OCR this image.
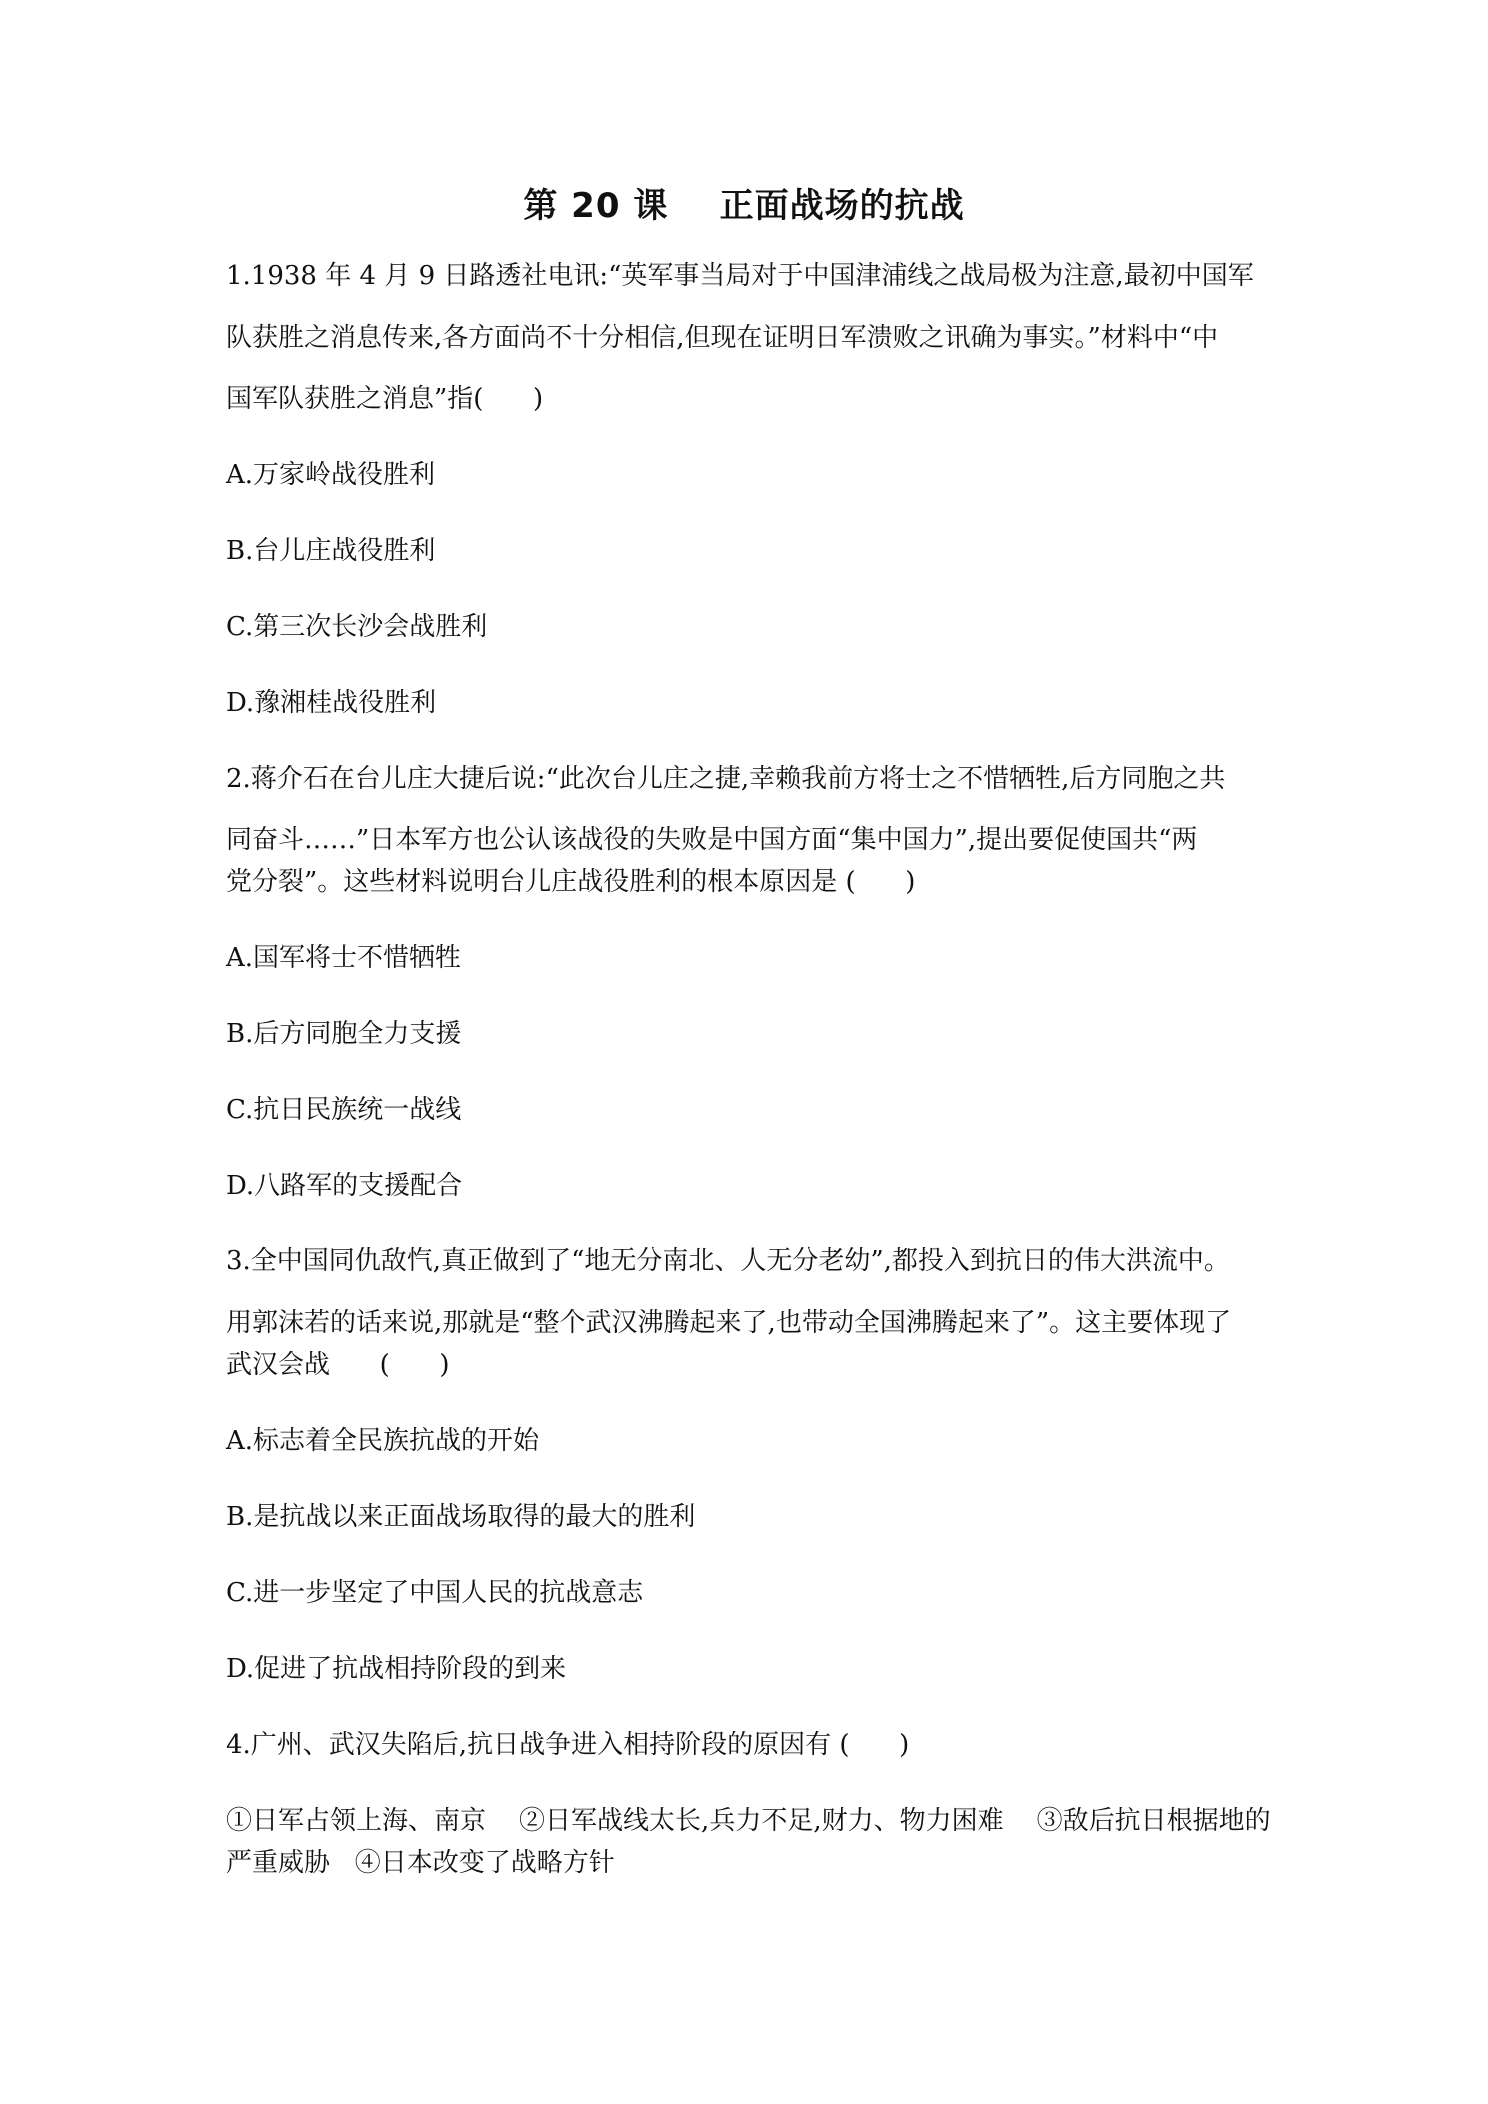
第 20 课    正面战场的抗战
1.1938 年 4 月 9 日路透社电讯:“英军事当局对于中国津浦线之战局极为注意,最初中国军
队获胜之消息传来,各方面尚不十分相信,但现在证明日军溃败之讯确为事实。”材料中“中
国军队获胜之消息”指(      )
A.万家岭战役胜利
B.台儿庄战役胜利
C.第三次长沙会战胜利
D.豫湘桂战役胜利
2.蒋介石在台儿庄大捷后说:“此次台儿庄之捷,幸赖我前方将士之不惜牺牲,后方同胞之共
同奋斗……”日本军方也公认该战役的失败是中国方面“集中国力”,提出要促使国共“两
党分裂”。这些材料说明台儿庄战役胜利的根本原因是 (      )
A.国军将士不惜牺牲
B.后方同胞全力支援
C.抗日民族统一战线
D.八路军的支援配合
3.全中国同仇敌忾,真正做到了“地无分南北、人无分老幼”,都投入到抗日的伟大洪流中。
用郭沫若的话来说,那就是“整个武汉沸腾起来了,也带动全国沸腾起来了”。这主要体现了
武汉会战      (      )
A.标志着全民族抗战的开始
B.是抗战以来正面战场取得的最大的胜利
C.进一步坚定了中国人民的抗战意志
D.促进了抗战相持阶段的到来
4.广州、武汉失陷后,抗日战争进入相持阶段的原因有 (      )
①日军占领上海、南京    ②日军战线太长,兵力不足,财力、物力困难    ③敌后抗日根据地的
严重威胁   ④日本改变了战略方针
